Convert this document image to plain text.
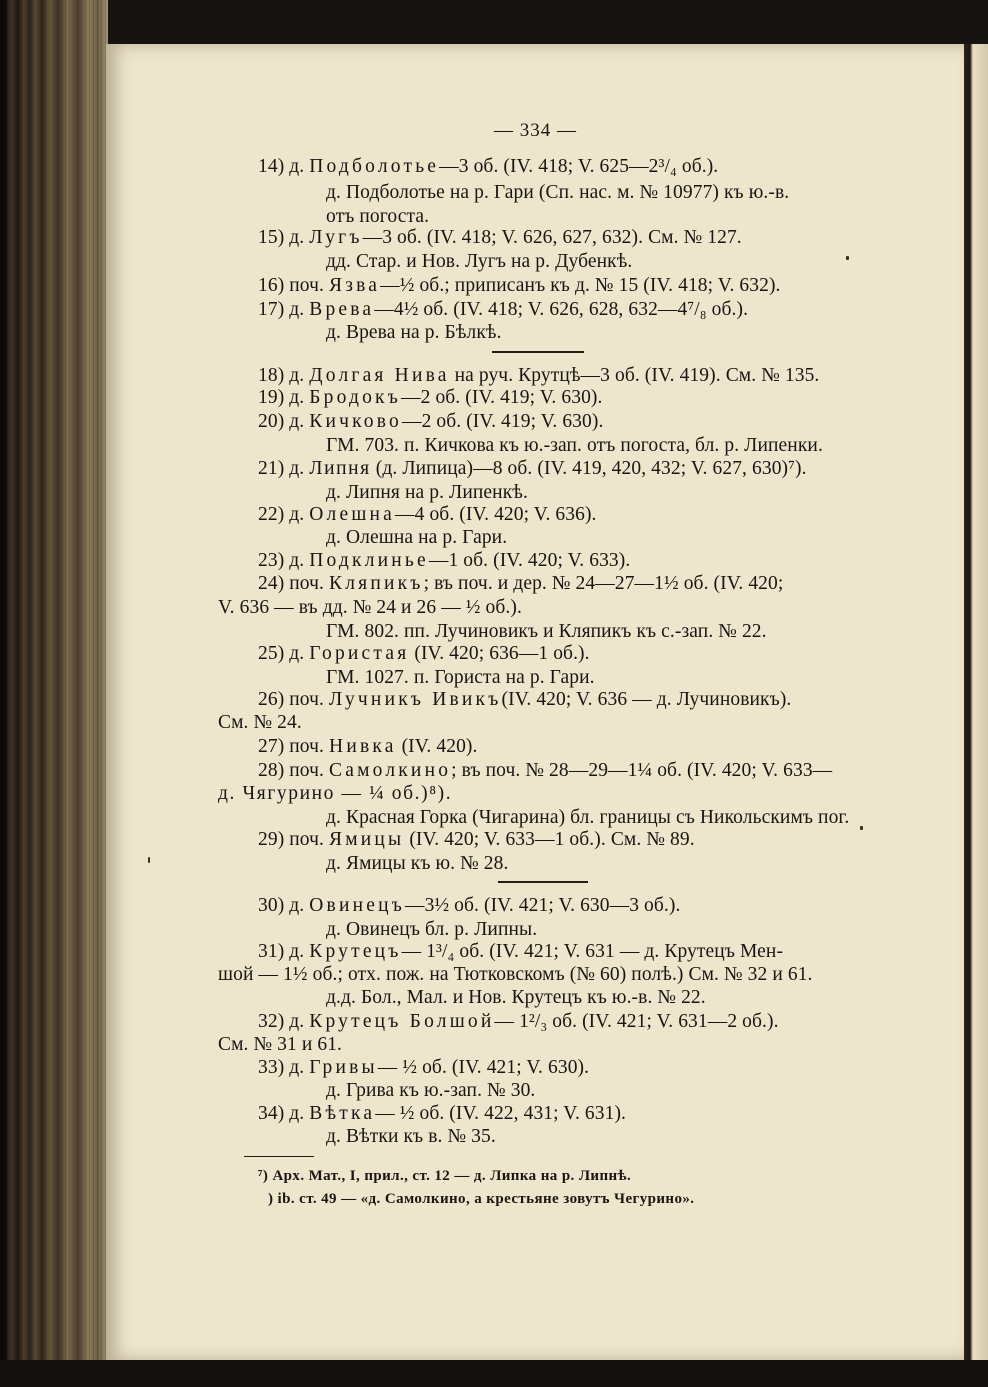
— 334 —
14) д. Подболотье—3 об. (IV. 418; V. 625—2³/₄ об.).
д. Подболотье на р. Гари (Сп. нас. м. № 10977) къ ю.-в.
отъ погоста.
15) д. Лугъ—3 об. (IV. 418; V. 626, 627, 632). См. № 127.
дд. Стар. и Нов. Лугъ на р. Дубенкѣ.
16) поч. Язва—½ об.; приписанъ къ д. № 15 (IV. 418; V. 632).
17) д. Врева—4½ об. (IV. 418; V. 626, 628, 632—4⁷/₈ об.).
д. Врева на р. Бѣлкѣ.
18) д. Долгая Нива на руч. Крутцѣ—3 об. (IV. 419). См. № 135.
19) д. Бродокъ—2 об. (IV. 419; V. 630).
20) д. Кичково—2 об. (IV. 419; V. 630).
ГМ. 703. п. Кичкова къ ю.-зап. отъ погоста, бл. р. Липенки.
21) д. Липня (д. Липица)—8 об. (IV. 419, 420, 432; V. 627, 630)⁷).
д. Липня на р. Липенкѣ.
22) д. Олешна—4 об. (IV. 420; V. 636).
д. Олешна на р. Гари.
23) д. Подклинье—1 об. (IV. 420; V. 633).
24) поч. Кляпикъ; въ поч. и дер. № 24—27—1½ об. (IV. 420;
V. 636 — въ дд. № 24 и 26 — ½ об.).
ГМ. 802. пп. Лучиновикъ и Кляпикъ къ с.-зап. № 22.
25) д. Гористая (IV. 420; 636—1 об.).
ГМ. 1027. п. Гориста на р. Гари.
26) поч. Лучникъ Ивикъ(IV. 420; V. 636 — д. Лучиновикъ).
См. № 24.
27) поч. Нивка (IV. 420).
28) поч. Самолкино; въ поч. № 28—29—1¼ об. (IV. 420; V. 633—
д. Чягурино — ¼ об.)⁸).
д. Красная Горка (Чигарина) бл. границы съ Никольскимъ пог.
29) поч. Ямицы (IV. 420; V. 633—1 об.). См. № 89.
д. Ямицы къ ю. № 28.
30) д. Овинецъ—3½ об. (IV. 421; V. 630—3 об.).
д. Овинецъ бл. р. Липны.
31) д. Крутецъ— 1³/₄ об. (IV. 421; V. 631 — д. Крутецъ Мен-
шой — 1½ об.; отх. пож. на Тютковскомъ (№ 60) полѣ.) См. № 32 и 61.
д.д. Бол., Мал. и Нов. Крутецъ къ ю.-в. № 22.
32) д. Крутецъ Болшой— 1²/₃ об. (IV. 421; V. 631—2 об.).
См. № 31 и 61.
33) д. Гривы— ½ об. (IV. 421; V. 630).
д. Грива къ ю.-зап. № 30.
34) д. Вѣтка— ½ об. (IV. 422, 431; V. 631).
д. Вѣтки къ в. № 35.
⁷) Арх. Мат., I, прил., ст. 12 — д. Липка на р. Липнѣ.
) ib. ст. 49 — «д. Самолкино, а крестьяне зовутъ Чегурино».
